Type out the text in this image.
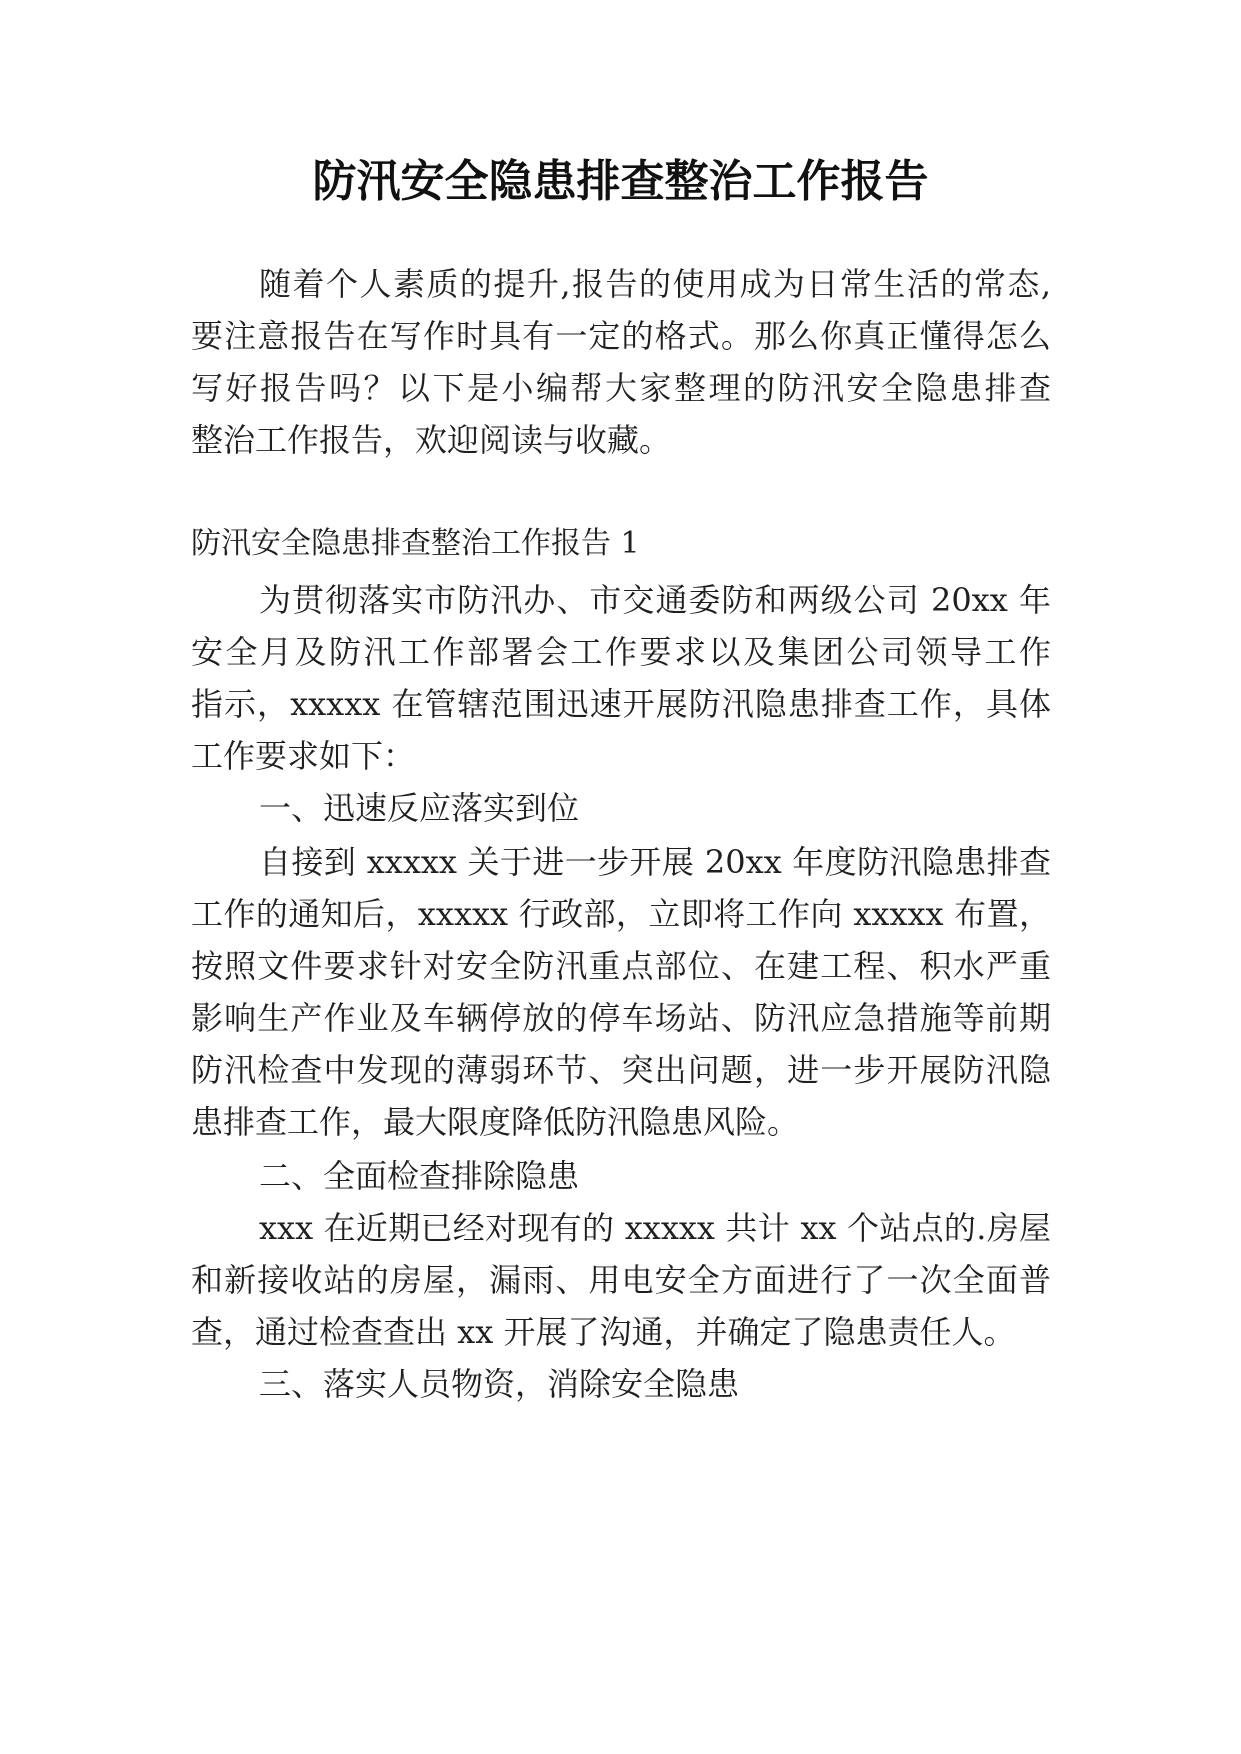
防汛安全隐患排查整治工作报告
随着个人素质的提升,报告的使用成为日常生活的常态,
要注意报告在写作时具有一定的格式。那么你真正懂得怎么
写好报告吗？以下是小编帮大家整理的防汛安全隐患排查
整治工作报告，欢迎阅读与收藏。
防汛安全隐患排查整治工作报告 1
为贯彻落实市防汛办、市交通委防和两级公司 20xx 年
安全月及防汛工作部署会工作要求以及集团公司领导工作
指示，xxxxx 在管辖范围迅速开展防汛隐患排查工作，具体
工作要求如下：
一、迅速反应落实到位
自接到 xxxxx 关于进一步开展 20xx 年度防汛隐患排查
工作的通知后，xxxxx 行政部，立即将工作向 xxxxx 布置，
按照文件要求针对安全防汛重点部位、在建工程、积水严重
影响生产作业及车辆停放的停车场站、防汛应急措施等前期
防汛检查中发现的薄弱环节、突出问题，进一步开展防汛隐
患排查工作，最大限度降低防汛隐患风险。
二、全面检查排除隐患
xxx 在近期已经对现有的 xxxxx 共计 xx 个站点的.房屋
和新接收站的房屋，漏雨、用电安全方面进行了一次全面普
查，通过检查查出 xx 开展了沟通，并确定了隐患责任人。
三、落实人员物资，消除安全隐患
